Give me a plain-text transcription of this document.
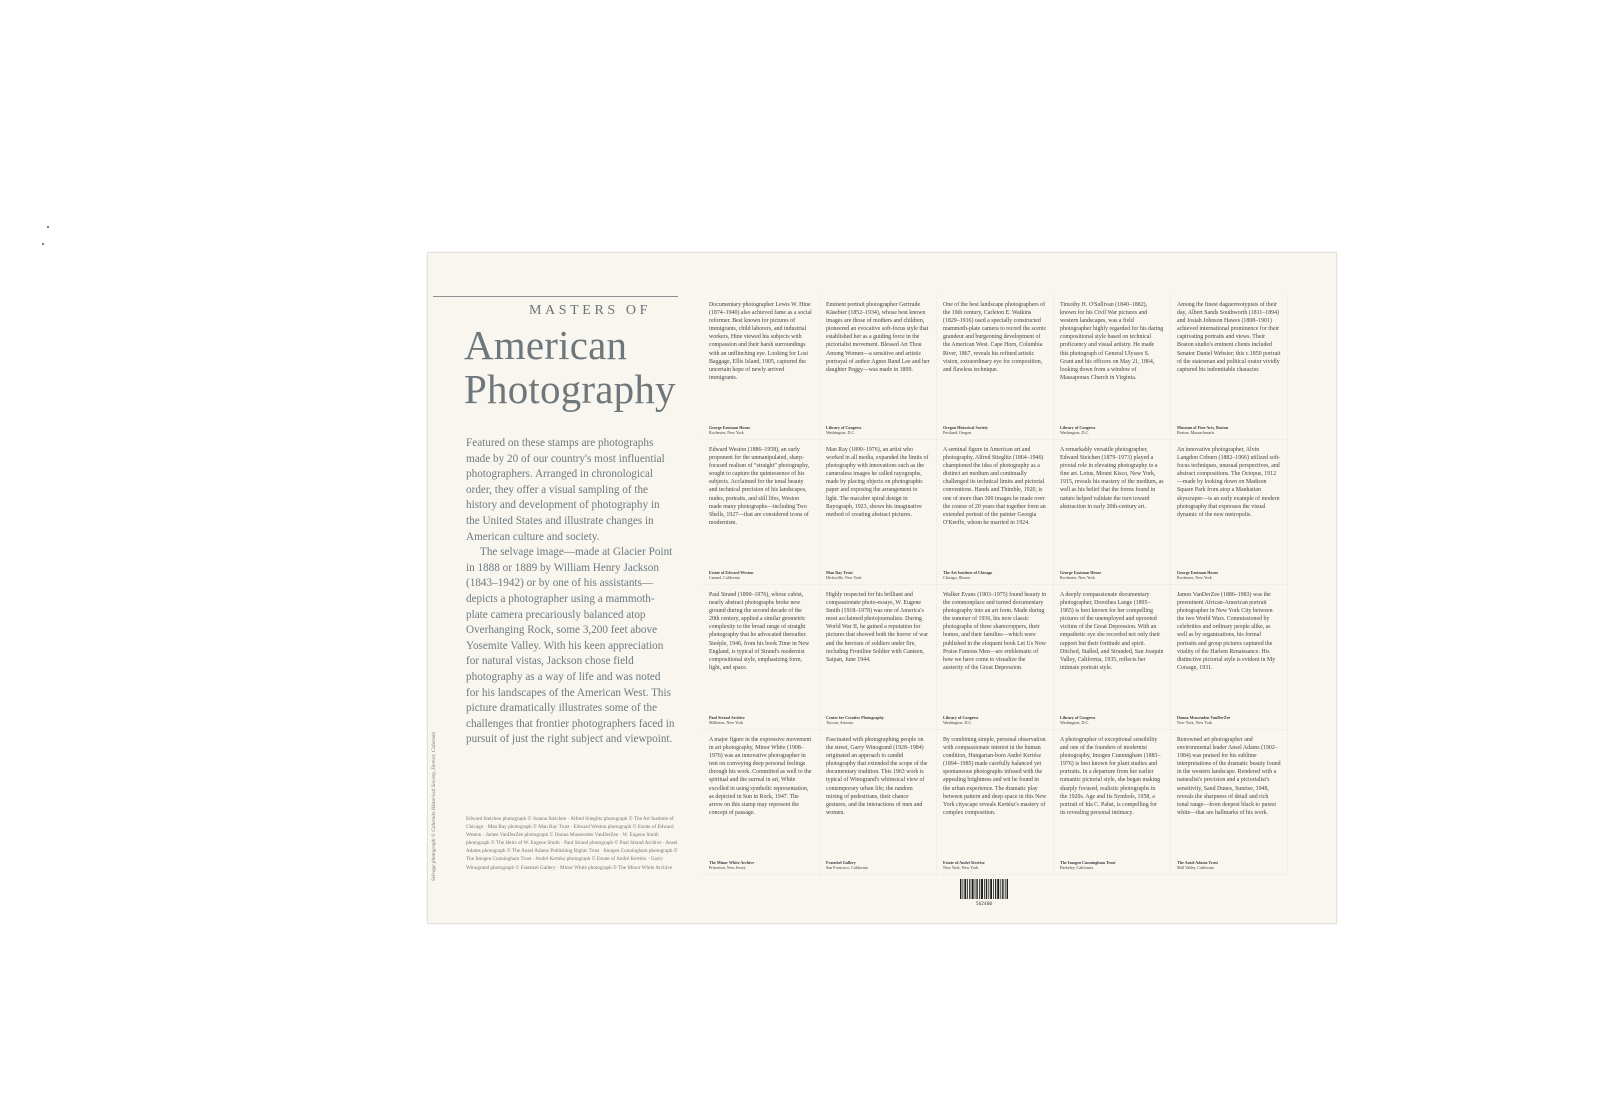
MASTERS OF
American
Photography

Featured on these stamps are photographs made by 20 of our country's most influential photographers. Arranged in chronological order, they offer a visual sampling of the history and development of photography in the United States and illustrate changes in American culture and society.

The selvage image—made at Glacier Point in 1888 or 1889 by William Henry Jackson (1843–1942) or by one of his assistants—depicts a photographer using a mammoth-plate camera precariously balanced atop Overhanging Rock, some 3,200 feet above Yosemite Valley. With his keen appreciation for natural vistas, Jackson chose field photography as a way of life and was noted for his landscapes of the American West. This picture dramatically illustrates some of the challenges that frontier photographers faced in pursuit of just the right subject and viewpoint.

Edward Steichen photograph © Joanna Steichen · Alfred Stieglitz photograph © The Art Institute of Chicago · Man Ray photograph © Man Ray Trust · Edward Weston photograph © Estate of Edward Weston · James VanDerZee photograph © Donna Mussenden VanDerZee · W. Eugene Smith photograph © The Heirs of W. Eugene Smith · Paul Strand photograph © Paul Strand Archive · Ansel Adams photograph © The Ansel Adams Publishing Rights Trust · Imogen Cunningham photograph © The Imogen Cunningham Trust · André Kertész photograph © Estate of André Kertész · Garry Winogrand photograph © Fraenkel Gallery · Minor White photograph © The Minor White Archive
Selvage photograph © Colorado Historical Society, Denver, Colorado

Documentary photographer Lewis W. Hine (1874–1940) also achieved fame as a social reformer. Best known for pictures of immigrants, child laborers, and industrial workers, Hine viewed his subjects with compassion and their harsh surroundings with an unflinching eye. Looking for Lost Baggage, Ellis Island, 1905, captured the uncertain hope of newly arrived immigrants.

George Eastman House
Rochester, New York

Eminent portrait photographer Gertrude Käsebier (1852–1934), whose best known images are those of mothers and children, pioneered an evocative soft-focus style that established her as a guiding force in the pictorialist movement. Blessed Art Thou Among Women—a sensitive and artistic portrayal of author Agnes Rand Lee and her daughter Peggy—was made in 1899.

Library of Congress
Washington, D.C.

One of the best landscape photographers of the 19th century, Carleton E. Watkins (1829–1916) used a specially constructed mammoth-plate camera to record the scenic grandeur and burgeoning development of the American West. Cape Horn, Columbia River, 1867, reveals his refined artistic vision, extraordinary eye for composition, and flawless technique.

Oregon Historical Society
Portland, Oregon

Timothy H. O'Sullivan (1840–1882), known for his Civil War pictures and western landscapes, was a field photographer highly regarded for his daring compositional style based on technical proficiency and visual artistry. He made this photograph of General Ulysses S. Grant and his officers on May 21, 1864, looking down from a window of Massaponax Church in Virginia.

Library of Congress
Washington, D.C.

Among the finest daguerreotypists of their day, Albert Sands Southworth (1811–1894) and Josiah Johnson Hawes (1808–1901) achieved international prominence for their captivating portraits and views. Their Boston studio's eminent clients included Senator Daniel Webster; this c.1850 portrait of the statesman and political orator vividly captured his indomitable character.

Museum of Fine Arts, Boston
Boston, Massachusetts

Edward Weston (1886–1958), an early proponent for the unmanipulated, sharp-focused realism of “straight” photography, sought to capture the quintessence of his subjects. Acclaimed for the tonal beauty and technical precision of his landscapes, nudes, portraits, and still lifes, Weston made many photographs—including Two Shells, 1927—that are considered icons of modernism.

Estate of Edward Weston
Carmel, California

Man Ray (1890–1976), an artist who worked in all media, expanded the limits of photography with innovations such as the cameraless images he called rayographs, made by placing objects on photographic paper and exposing the arrangement to light. The macabre spiral design in Rayograph, 1923, shows his imaginative method of creating abstract pictures.

Man Ray Trust
Hicksville, New York

A seminal figure in American art and photography, Alfred Stieglitz (1864–1946) championed the idea of photography as a distinct art medium and continually challenged its technical limits and pictorial conventions. Hands and Thimble, 1920, is one of more than 300 images he made over the course of 20 years that together form an extended portrait of the painter Georgia O'Keeffe, whom he married in 1924.

The Art Institute of Chicago
Chicago, Illinois

A remarkably versatile photographer, Edward Steichen (1879–1973) played a pivotal role in elevating photography to a fine art. Lotus, Mount Kisco, New York, 1915, reveals his mastery of the medium, as well as his belief that the forms found in nature helped validate the turn toward abstraction in early 20th-century art.

George Eastman House
Rochester, New York

An innovative photographer, Alvin Langdon Coburn (1882–1966) utilized soft-focus techniques, unusual perspectives, and abstract compositions. The Octopus, 1912—made by looking down on Madison Square Park from atop a Manhattan skyscraper—is an early example of modern photography that expresses the visual dynamic of the new metropolis.

George Eastman House
Rochester, New York

Paul Strand (1890–1976), whose cubist, nearly abstract photographs broke new ground during the second decade of the 20th century, applied a similar geometric complexity to the broad range of straight photography that he advocated thereafter. Steéple, 1946, from his book Time in New England, is typical of Strand's modernist compositional style, emphasizing form, light, and space.

Paul Strand Archive
Millerton, New York

Highly respected for his brilliant and compassionate photo-essays, W. Eugene Smith (1918–1978) was one of America's most acclaimed photojournalists. During World War II, he gained a reputation for pictures that showed both the horror of war and the heroism of soldiers under fire, including Frontline Soldier with Canteen, Saipan, June 1944.

Center for Creative Photography
Tucson, Arizona

Walker Evans (1903–1975) found beauty in the commonplace and turned documentary photography into an art form. Made during the summer of 1936, his now classic photographs of three sharecroppers, their homes, and their families—which were published in the eloquent book Let Us Now Praise Famous Men—are emblematic of how we have come to visualize the austerity of the Great Depression.

Library of Congress
Washington, D.C.

A deeply compassionate documentary photographer, Dorothea Lange (1895–1965) is best known for her compelling pictures of the unemployed and uprooted victims of the Great Depression. With an empathetic eye she recorded not only their rapport but their fortitude and spirit. Ditched, Stalled, and Stranded, San Joaquin Valley, California, 1935, reflects her intimate portrait style.

Library of Congress
Washington, D.C.

James VanDerZee (1886–1983) was the preeminent African-American portrait photographer in New York City between the two World Wars. Commissioned by celebrities and ordinary people alike, as well as by organizations, his formal portraits and group pictures captured the vitality of the Harlem Renaissance. His distinctive pictorial style is evident in My Corsage, 1931.

Donna Mussenden VanDerZee
New York, New York

A major figure in the expressive movement in art photography, Minor White (1908–1976) was an innovative photographer in tent on conveying deep personal feelings through his work. Committed as well to the spiritual and the surreal in art, White excelled in using symbolic representation, as depicted in Sun in Rock, 1947. The arrow on this stamp may represent the concept of passage.

The Minor White Archive
Princeton, New Jersey

Fascinated with photographing people on the street, Garry Winogrand (1928–1984) originated an approach to candid photography that extended the scope of the documentary tradition. This 1963 work is typical of Winogrand's whimsical view of contemporary urban life; the random mixing of pedestrians, their chance gestures, and the interactions of men and women.

Fraenkel Gallery
San Francisco, California

By combining simple, personal observation with compassionate interest in the human condition, Hungarian-born André Kertész (1894–1985) made carefully balanced yet spontaneous photographs infused with the appealing brightness and wit he found in the urban experience. The dramatic play between pattern and deep space in this New York cityscape reveals Kertész's mastery of complex composition.

Estate of André Kertész
New York, New York

A photographer of exceptional sensibility and one of the founders of modernist photography, Imogen Cunningham (1883–1976) is best known for plant studies and portraits. In a departure from her earlier romantic pictorial style, she began making sharply focused, realistic photographs in the 1920s. Age and Its Symbols, 1958, a portrait of Ida C. Pahst, is compelling for its revealing personal intimacy.

The Imogen Cunningham Trust
Berkeley, California

Renowned art photographer and environmental leader Ansel Adams (1902–1984) was praised for his sublime interpretations of the dramatic beauty found in the western landscape. Rendered with a naturalist's precision and a pictorialist's sensitivity, Sand Dunes, Sunrise, 1948, reveals the sharpness of detail and rich tonal range—from deepest black to purest white—that are hallmarks of his work.

The Ansel Adams Trust
Mill Valley, California
562400
